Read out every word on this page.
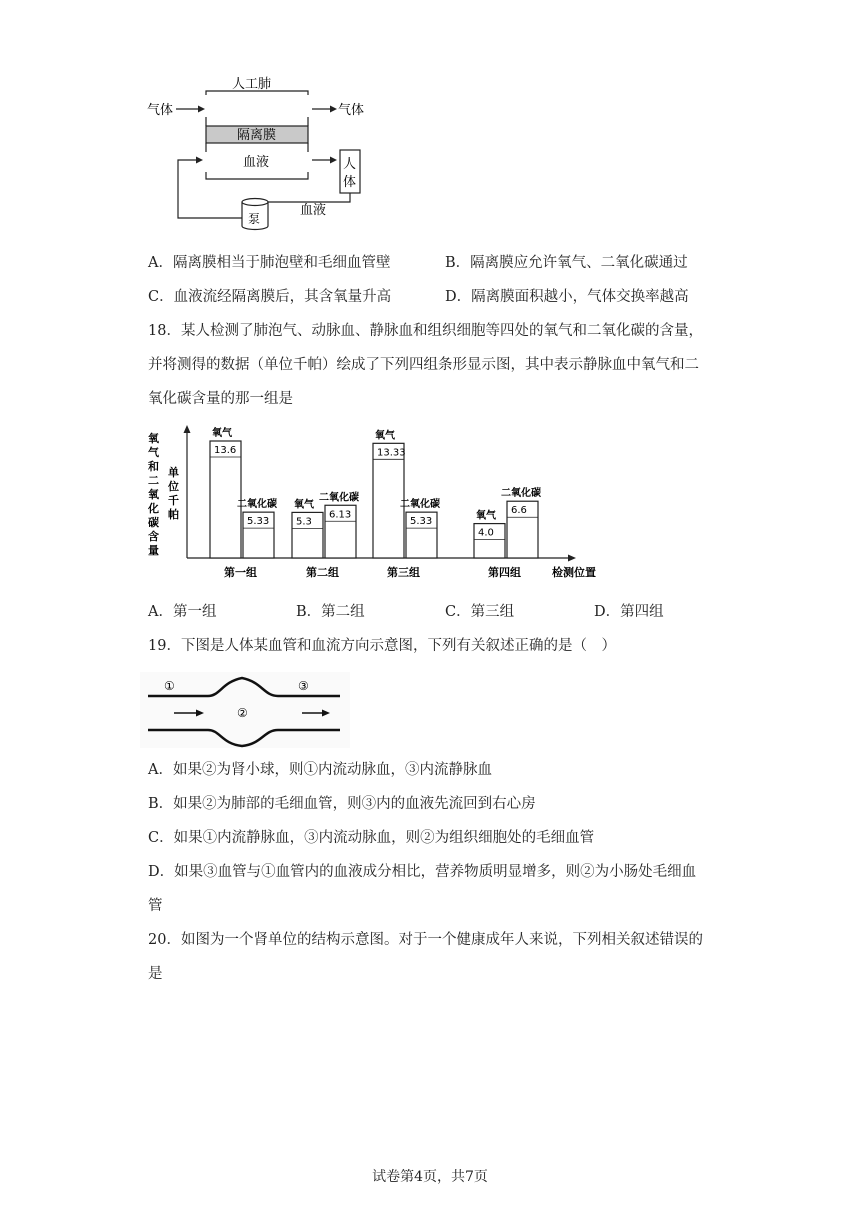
人工肺
气体	气体
隔离膜
血液	人
体
血液
泵
A．隔离膜相当于肺泡壁和毛细血管壁	B．隔离膜应允许氧气、二氧化碳通过
C．血液流经隔离膜后，其含氧量升高	D．隔离膜面积越小，气体交换率越高
18．某人检测了肺泡气、动脉血、静脉血和组织细胞等四处的氧气和二氧化碳的含量，
并将测得的数据（单位千帕）绘成了下列四组条形显示图，其中表示静脉血中氧气和二
氧化碳含量的那一组是
氧
气
和
二
氧
化
碳
含
量
单
位
千
帕
检测位置
氧气
13.6
二氧化碳
5.33
第一组
氧气
5.3
二氧化碳
6.13
第二组
氧气
13.33
二氧化碳
5.33
第三组
氧气
4.0
二氧化碳
6.6
第四组
A．第一组	B．第二组	C．第三组	D．第四组
19．下图是人体某血管和血流方向示意图，下列有关叙述正确的是（　）
①
②
③
A．如果②为肾小球，则①内流动脉血，③内流静脉血
B．如果②为肺部的毛细血管，则③内的血液先流回到右心房
C．如果①内流静脉血，③内流动脉血，则②为组织细胞处的毛细血管
D．如果③血管与①血管内的血液成分相比，营养物质明显增多，则②为小肠处毛细血
管
20．如图为一个肾单位的结构示意图。对于一个健康成年人来说，下列相关叙述错误的
是
试卷第4页，共7页
